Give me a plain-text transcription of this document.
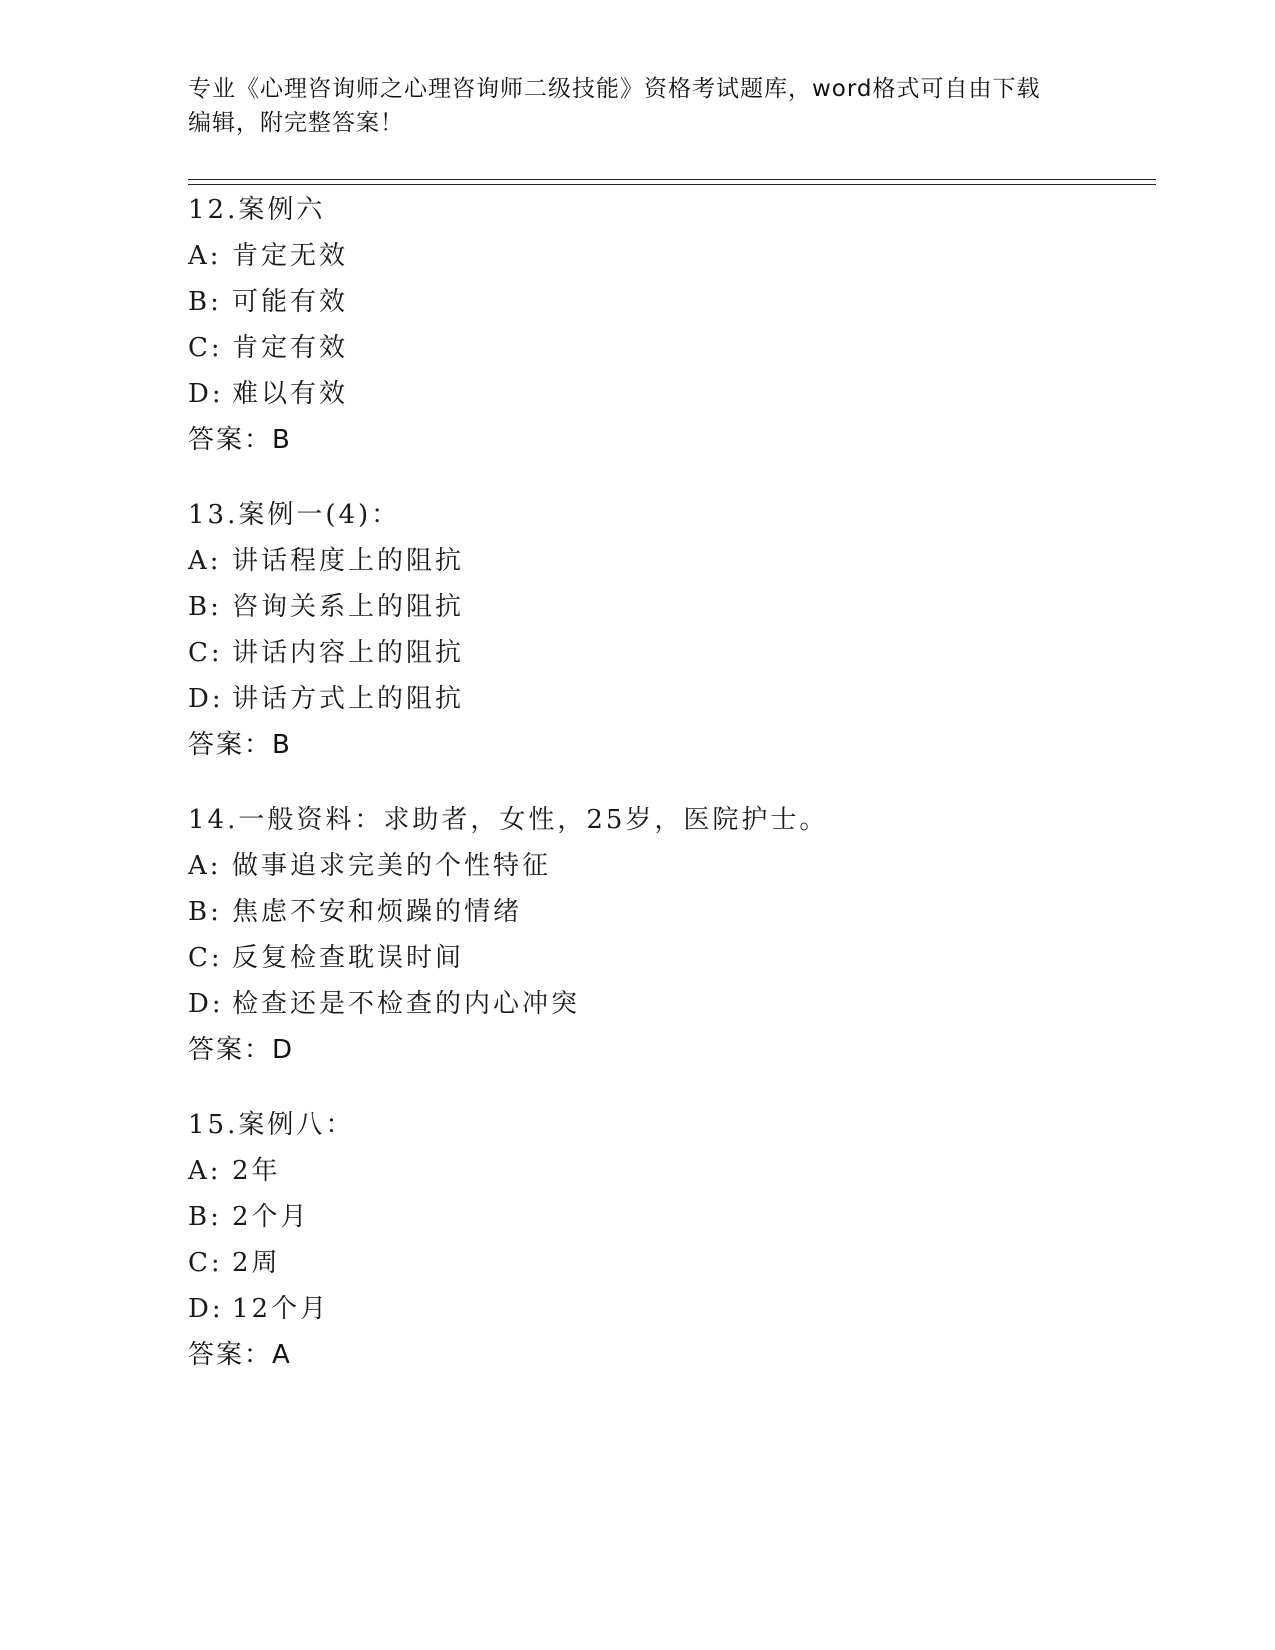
专业《心理咨询师之心理咨询师二级技能》资格考试题库，word格式可自由下载
编辑，附完整答案！
12.案例六
A: 肯定无效
B: 可能有效
C: 肯定有效
D: 难以有效
答案：B
13.案例一(4)：
A: 讲话程度上的阻抗
B: 咨询关系上的阻抗
C: 讲话内容上的阻抗
D: 讲话方式上的阻抗
答案：B
14.一般资料：求助者，女性，25岁，医院护士。
A: 做事追求完美的个性特征
B: 焦虑不安和烦躁的情绪
C: 反复检查耽误时间
D: 检查还是不检查的内心冲突
答案：D
15.案例八：
A: 2年
B: 2个月
C: 2周
D: 12个月
答案：A
